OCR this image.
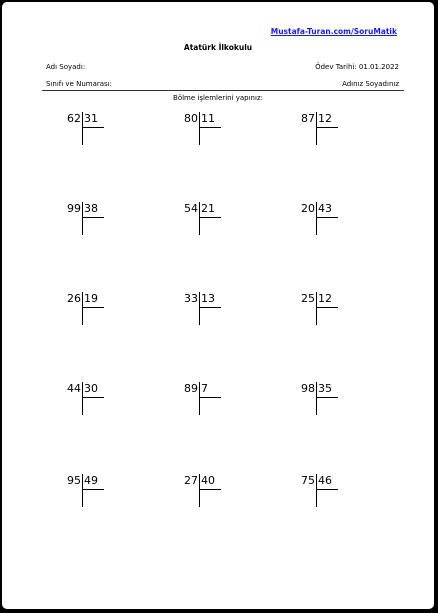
Mustafa-Turan.com/SoruMatik
Atatürk İlkokulu
Adı Soyadı:	Ödev Tarihi: 01.01.2022
Sınıfı ve Numarası:	Adınız Soyadınız
Bölme işlemlerini yapınız:
62 31	80 11	87 12
99 38	54 21	20 43
26 19	33 13	25 12
44 30	89 7	98 35
95 49	27 40	75 46
